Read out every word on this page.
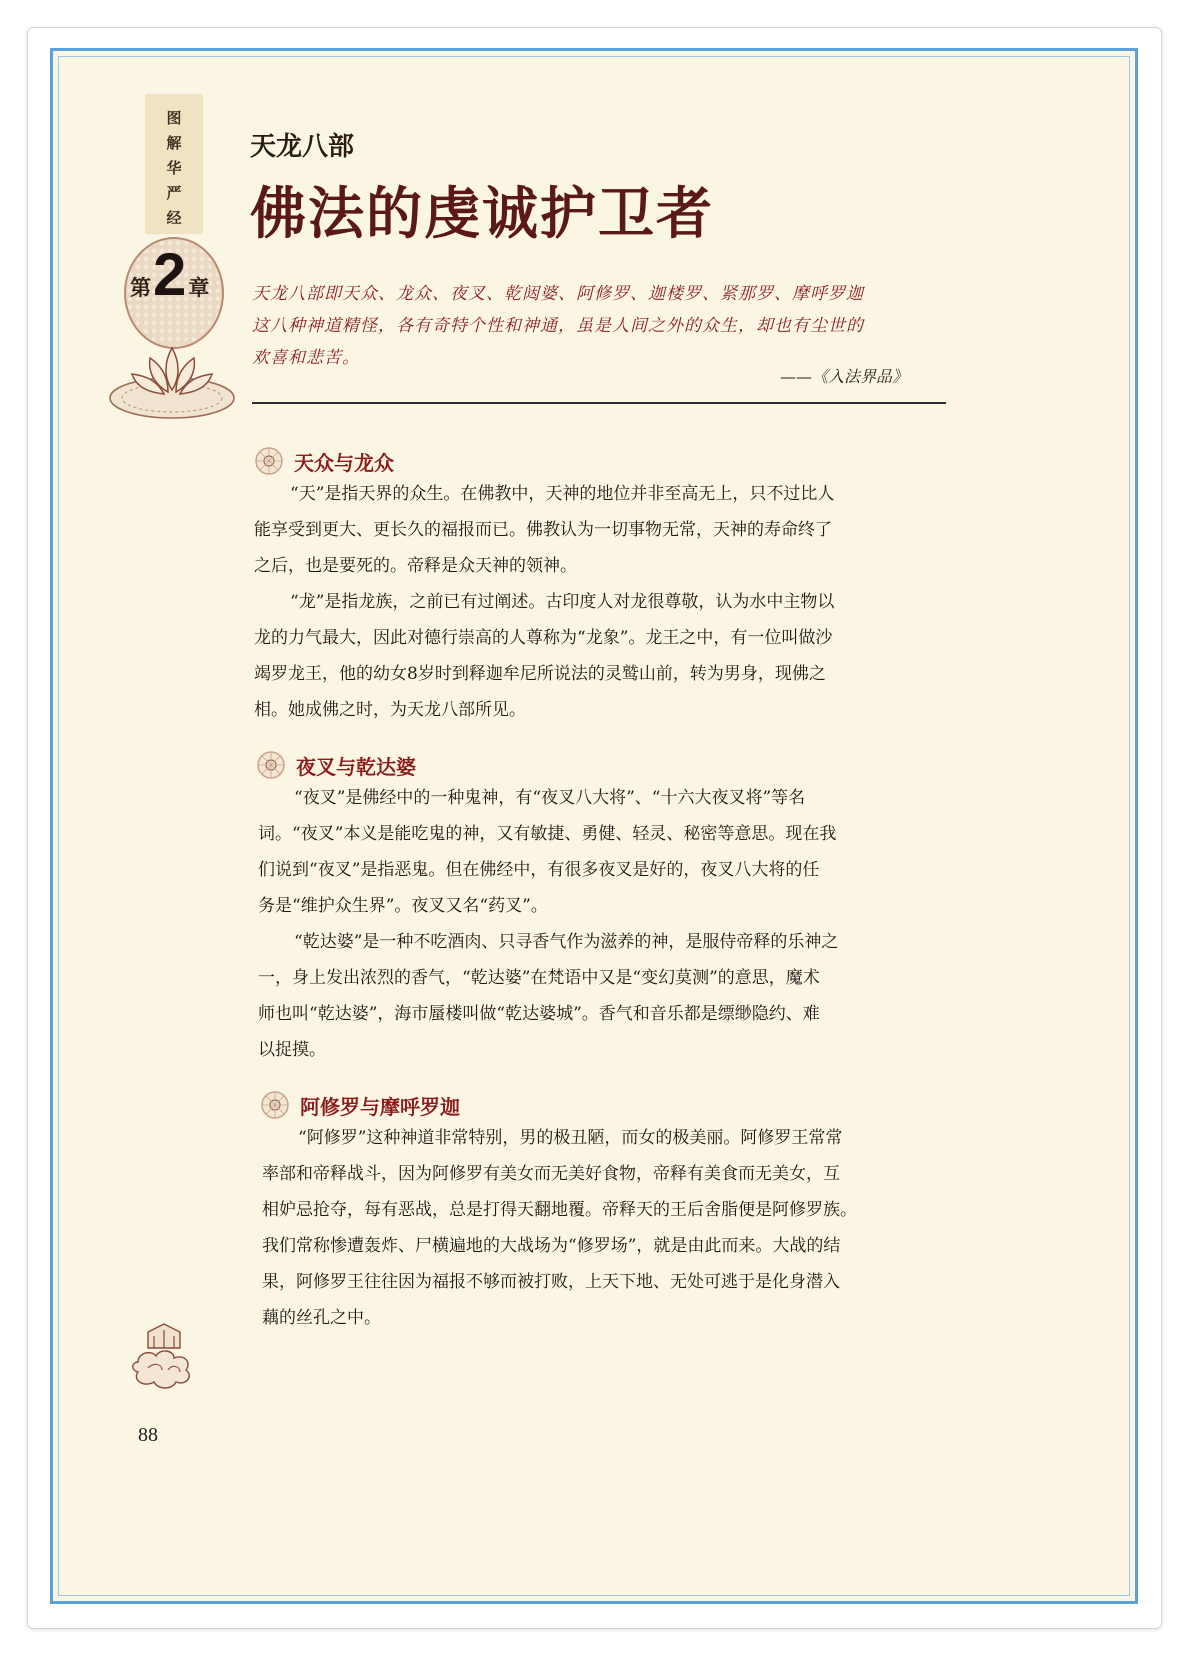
图
解
华
严
经
第 2 章
天龙八部
佛法的虔诚护卫者
天龙八部即天众、龙众、夜叉、乾闼婆、阿修罗、迦楼罗、紧那罗、摩呼罗迦
这八种神道精怪，各有奇特个性和神通，虽是人间之外的众生，却也有尘世的
欢喜和悲苦。
——《入法界品》
天众与龙众

“天”是指天界的众生。在佛教中，天神的地位并非至高无上，只不过比人
能享受到更大、更长久的福报而已。佛教认为一切事物无常，天神的寿命终了
之后，也是要死的。帝释是众天神的领神。

“龙”是指龙族，之前已有过阐述。古印度人对龙很尊敬，认为水中主物以
龙的力气最大，因此对德行崇高的人尊称为“龙象”。龙王之中，有一位叫做沙
竭罗龙王，他的幼女8岁时到释迦牟尼所说法的灵鹫山前，转为男身，现佛之
相。她成佛之时，为天龙八部所见。

夜叉与乾达婆

“夜叉”是佛经中的一种鬼神，有“夜叉八大将”、“十六大夜叉将”等名
词。“夜叉”本义是能吃鬼的神，又有敏捷、勇健、轻灵、秘密等意思。现在我
们说到“夜叉”是指恶鬼。但在佛经中，有很多夜叉是好的，夜叉八大将的任
务是“维护众生界”。夜叉又名“药叉”。

“乾达婆”是一种不吃酒肉、只寻香气作为滋养的神，是服侍帝释的乐神之
一，身上发出浓烈的香气，“乾达婆”在梵语中又是“变幻莫测”的意思，魔术
师也叫“乾达婆”，海市蜃楼叫做“乾达婆城”。香气和音乐都是缥缈隐约、难
以捉摸。

阿修罗与摩呼罗迦

“阿修罗”这种神道非常特别，男的极丑陋，而女的极美丽。阿修罗王常常
率部和帝释战斗，因为阿修罗有美女而无美好食物，帝释有美食而无美女，互
相妒忌抢夺，每有恶战，总是打得天翻地覆。帝释天的王后舍脂便是阿修罗族。
我们常称惨遭轰炸、尸横遍地的大战场为“修罗场”，就是由此而来。大战的结
果，阿修罗王往往因为福报不够而被打败，上天下地、无处可逃于是化身潜入
藕的丝孔之中。

88
